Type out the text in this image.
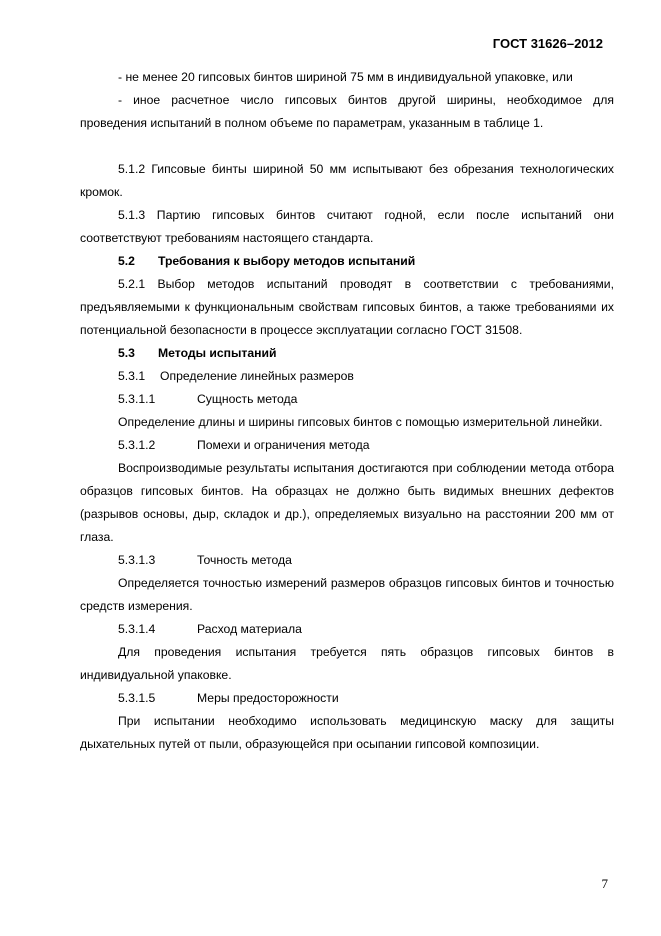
ГОСТ 31626–2012

- не менее 20 гипсовых бинтов шириной 75 мм в индивидуальной упаковке, или

- иное расчетное число гипсовых бинтов другой ширины, необходимое для проведения испытаний в полном объеме по параметрам, указанным в таблице 1.

5.1.2 Гипсовые бинты шириной 50 мм испытывают без обрезания технологических кромок.

5.1.3 Партию гипсовых бинтов считают годной, если после испытаний они соответствуют требованиям настоящего стандарта.

5.2 Требования к выбору методов испытаний

5.2.1 Выбор методов испытаний проводят в соответствии с требованиями, предъявляемыми к функциональным свойствам гипсовых бинтов, а также требованиями их потенциальной безопасности в процессе эксплуатации согласно ГОСТ 31508.

5.3 Методы испытаний
5.3.1 Определение линейных размеров
5.3.1.1	Сущность метода

Определение длины и ширины гипсовых бинтов с помощью измерительной линейки.

5.3.1.2	Помехи и ограничения метода

Воспроизводимые результаты испытания достигаются при соблюдении метода отбора образцов гипсовых бинтов. На образцах не должно быть видимых внешних дефектов (разрывов основы, дыр, складок и др.), определяемых визуально на расстоянии 200 мм от глаза.

5.3.1.3	Точность метода

Определяется точностью измерений размеров образцов гипсовых бинтов и точностью средств измерения.

5.3.1.4	Расход материала

Для проведения испытания требуется пять образцов гипсовых бинтов в индивидуальной упаковке.

5.3.1.5	Меры предосторожности

При испытании необходимо использовать медицинскую маску для защиты дыхательных путей от пыли, образующейся при осыпании гипсовой композиции.

7
